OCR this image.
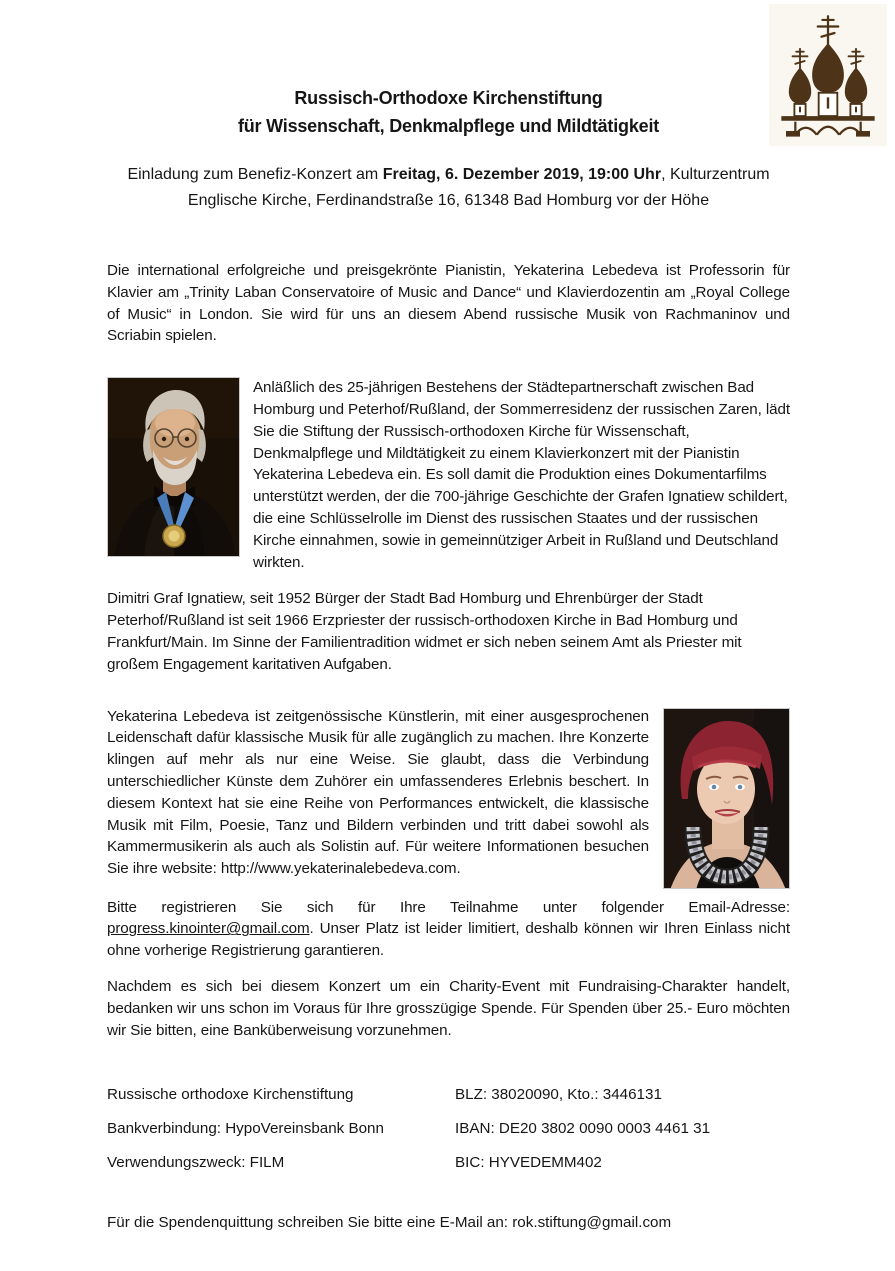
Russisch-Orthodoxe Kirchenstiftung
für Wissenschaft, Denkmalpflege und Mildtätigkeit
Einladung zum Benefiz-Konzert am Freitag, 6. Dezember 2019, 19:00 Uhr, Kulturzentrum Englische Kirche, Ferdinandstraße 16, 61348 Bad Homburg vor der Höhe

Die international erfolgreiche und preisgekrönte Pianistin, Yekaterina Lebedeva ist Professorin für Klavier am „Trinity Laban Conservatoire of Music and Dance“ und Klavierdozentin am „Royal College of Music“ in London. Sie wird für uns an diesem Abend russische Musik von Rachmaninov und Scriabin spielen.

Anläßlich des 25-jährigen Bestehens der Städtepartnerschaft zwischen Bad Homburg und Peterhof/Rußland, der Sommerresidenz der russischen Zaren, lädt Sie die Stiftung der Russisch-orthodoxen Kirche für Wissenschaft, Denkmalpflege und Mildtätigkeit zu einem Klavierkonzert mit der Pianistin Yekaterina Lebedeva ein. Es soll damit die Produktion eines Dokumentarfilms unterstützt werden, der die 700-jährige Geschichte der Grafen Ignatiew schildert, die eine Schlüsselrolle im Dienst des russischen Staates und der russischen Kirche einnahmen, sowie in gemeinnütziger Arbeit in Rußland und Deutschland wirkten.

Dimitri Graf Ignatiew, seit 1952 Bürger der Stadt Bad Homburg und Ehrenbürger der Stadt Peterhof/Rußland ist seit 1966 Erzpriester der russisch-orthodoxen Kirche in Bad Homburg und Frankfurt/Main. Im Sinne der Familientradition widmet er sich neben seinem Amt als Priester mit großem Engagement karitativen Aufgaben.

Yekaterina Lebedeva ist zeitgenössische Künstlerin, mit einer ausgesprochenen Leidenschaft dafür klassische Musik für alle zugänglich zu machen. Ihre Konzerte klingen auf mehr als nur eine Weise. Sie glaubt, dass die Verbindung unterschiedlicher Künste dem Zuhörer ein umfassenderes Erlebnis beschert. In diesem Kontext hat sie eine Reihe von Performances entwickelt, die klassische Musik mit Film, Poesie, Tanz und Bildern verbinden und tritt dabei sowohl als Kammermusikerin als auch als Solistin auf. Für weitere Informationen besuchen Sie ihre website: http://www.yekaterinalebedeva.com.

Bitte registrieren Sie sich für Ihre Teilnahme unter folgender Email-Adresse: progress.kinointer@gmail.com. Unser Platz ist leider limitiert, deshalb können wir Ihren Einlass nicht ohne vorherige Registrierung garantieren.

Nachdem es sich bei diesem Konzert um ein Charity-Event mit Fundraising-Charakter handelt, bedanken wir uns schon im Voraus für Ihre grosszügige Spende. Für Spenden über 25.- Euro möchten wir Sie bitten, eine Banküberweisung vorzunehmen.

Russische orthodoxe Kirchenstiftung	BLZ: 38020090, Kto.: 3446131
Bankverbindung: HypoVereinsbank Bonn	IBAN: DE20 3802 0090 0003 4461 31
Verwendungszweck: FILM	BIC: HYVEDEMM402
Für die Spendenquittung schreiben Sie bitte eine E-Mail an: rok.stiftung@gmail.com
